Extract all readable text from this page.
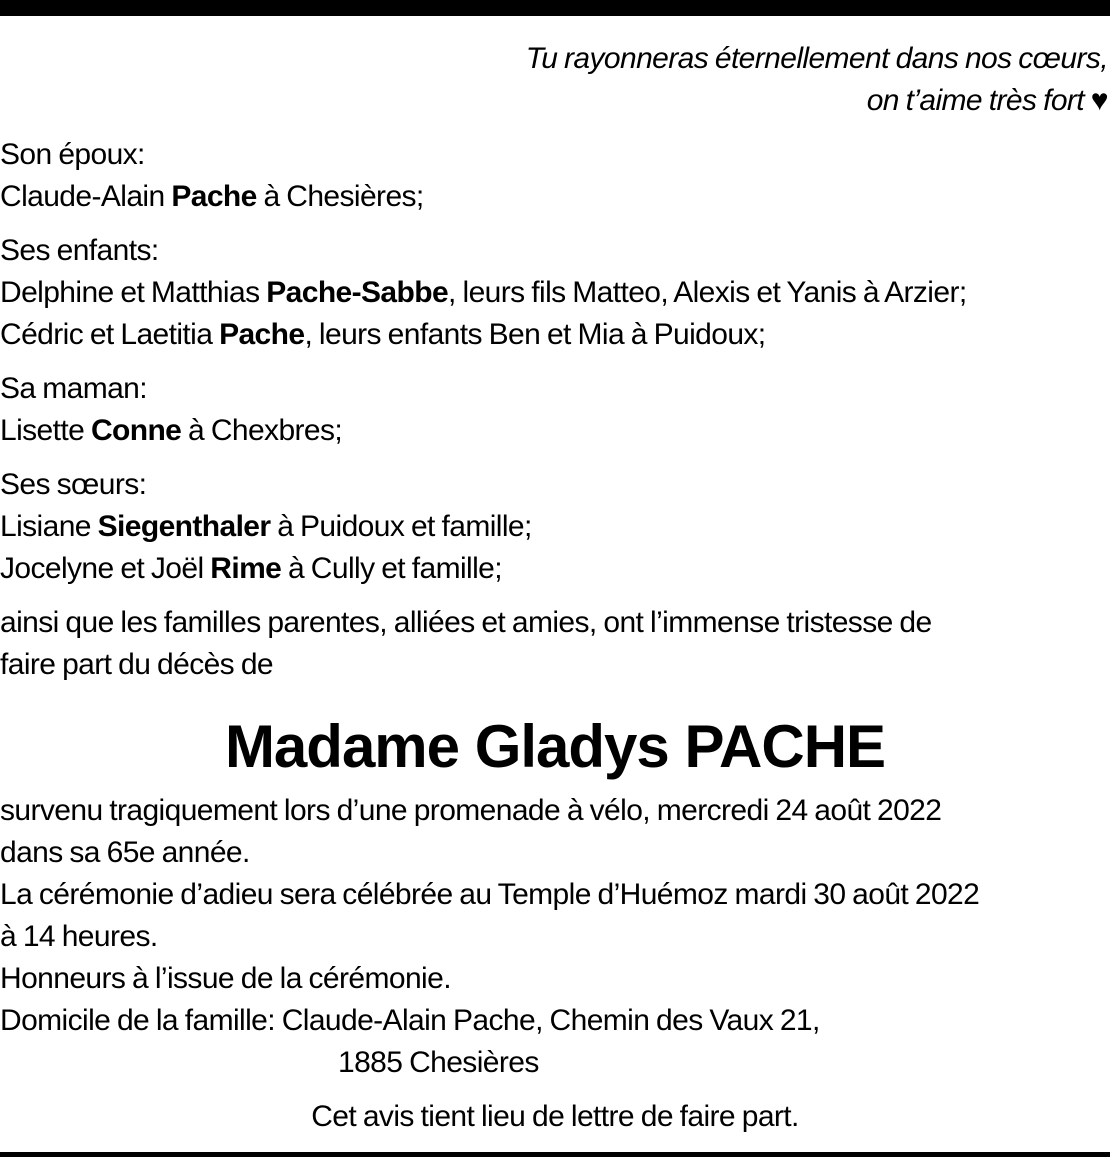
Tu rayonneras éternellement dans nos cœurs,
on t’aime très fort ♥
Son époux:
Claude-Alain Pache à Chesières;
Ses enfants:
Delphine et Matthias Pache-Sabbe, leurs fils Matteo, Alexis et Yanis à Arzier;
Cédric et Laetitia Pache, leurs enfants Ben et Mia à Puidoux;
Sa maman:
Lisette Conne à Chexbres;
Ses sœurs:
Lisiane Siegenthaler à Puidoux et famille;
Jocelyne et Joël Rime à Cully et famille;
ainsi que les familles parentes, alliées et amies, ont l’immense tristesse de
faire part du décès de
Madame Gladys PACHE
survenu tragiquement lors d’une promenade à vélo, mercredi 24 août 2022
dans sa 65e année.
La cérémonie d’adieu sera célébrée au Temple d’Huémoz mardi 30 août 2022
à 14 heures.
Honneurs à l’issue de la cérémonie.
Domicile de la famille: Claude-Alain Pache, Chemin des Vaux 21,
1885 Chesières
Cet avis tient lieu de lettre de faire part.
